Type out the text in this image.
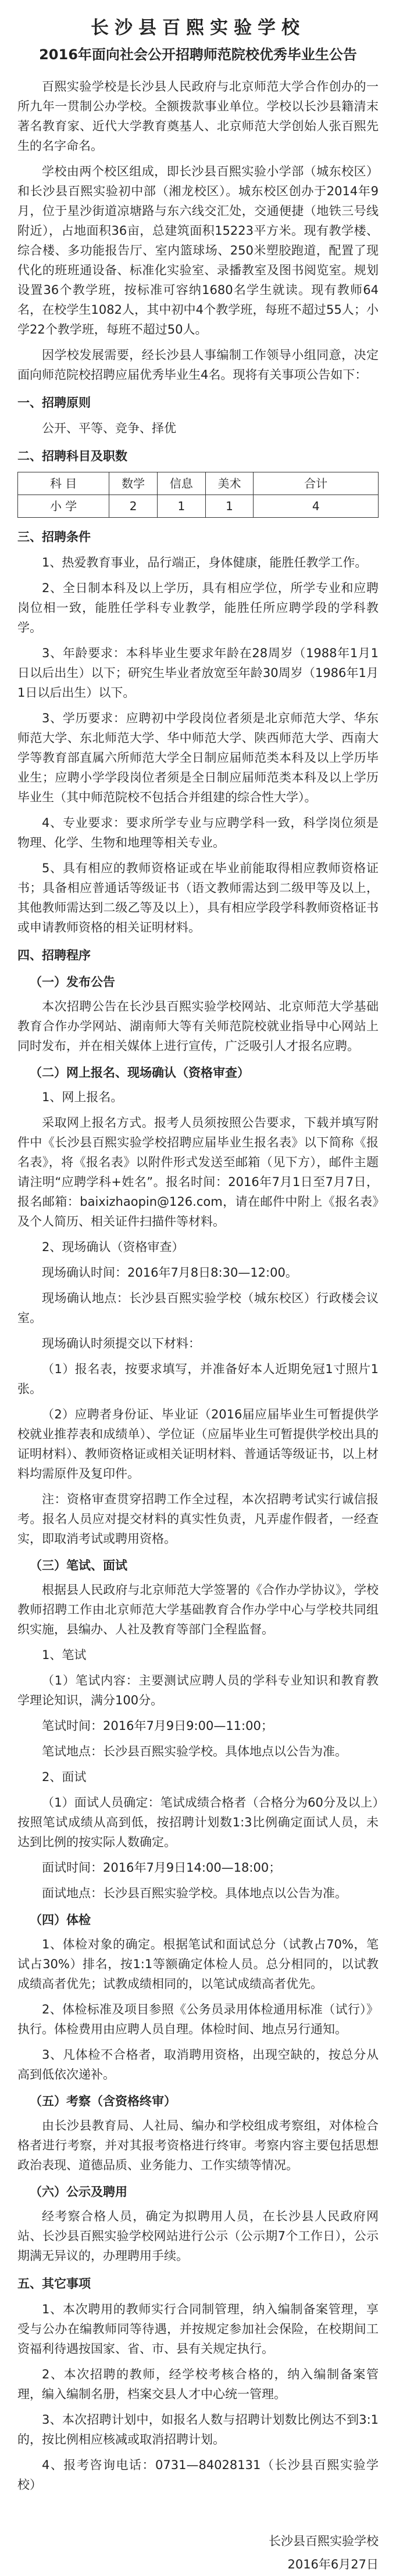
长沙县百熙实验学校
2016年面向社会公开招聘师范院校优秀毕业生公告

百熙实验学校是长沙县人民政府与北京师范大学合作创办的一所九年一贯制公办学校。全额拨款事业单位。学校以长沙县籍清末著名教育家、近代大学教育奠基人、北京师范大学创始人张百熙先生的名字命名。

学校由两个校区组成，即长沙县百熙实验小学部（城东校区）和长沙县百熙实验初中部（湘龙校区）。城东校区创办于2014年9月，位于星沙街道凉塘路与东六线交汇处，交通便捷（地铁三号线附近），占地面积36亩，总建筑面积15223平方米。现有教学楼、综合楼、多功能报告厅、室内篮球场、250米塑胶跑道，配置了现代化的班班通设备、标准化实验室、录播教室及图书阅览室。规划设置36个教学班，按标准可容纳1680名学生就读。现有教师64名，在校学生1082人，其中初中4个教学班，每班不超过55人；小学22个教学班，每班不超过50人。

因学校发展需要，经长沙县人事编制工作领导小组同意，决定面向师范院校招聘应届优秀毕业生4名。现将有关事项公告如下：

一、招聘原则

公开、平等、竞争、择优

二、招聘科目及职数
科 目	数学	信息	美术	合计
小 学	2	1	1	4
三、招聘条件

1、热爱教育事业，品行端正，身体健康，能胜任教学工作。

2、全日制本科及以上学历，具有相应学位，所学专业和应聘岗位相一致，能胜任学科专业教学，能胜任所应聘学段的学科教学。

3、年龄要求：本科毕业生要求年龄在28周岁（1988年1月1日以后出生）以下；研究生毕业者放宽至年龄30周岁（1986年1月1日以后出生）以下。

3、学历要求：应聘初中学段岗位者须是北京师范大学、华东师范大学、东北师范大学、华中师范大学、陕西师范大学、西南大学等教育部直属六所师范大学全日制应届师范类本科及以上学历毕业生；应聘小学学段岗位者须是全日制应届师范类本科及以上学历毕业生（其中师范院校不包括合并组建的综合性大学）。

4、专业要求：要求所学专业与应聘学科一致，科学岗位须是物理、化学、生物和地理等相关专业。

5、具有相应的教师资格证或在毕业前能取得相应教师资格证书；具备相应普通话等级证书（语文教师需达到二级甲等及以上，其他教师需达到二级乙等及以上），具有相应学段学科教师资格证书或申请教师资格的相关证明材料。

四、招聘程序
（一）发布公告

本次招聘公告在长沙县百熙实验学校网站、北京师范大学基础教育合作办学网站、湖南师大等有关师范院校就业指导中心网站上同时发布，并在相关媒体上进行宣传，广泛吸引人才报名应聘。

（二）网上报名、现场确认（资格审查）

1、网上报名。

采取网上报名方式。报考人员须按照公告要求，下载并填写附件中《长沙县百熙实验学校招聘应届毕业生报名表》以下简称《报名表》，将《报名表》以附件形式发送至邮箱（见下方），邮件主题请注明“应聘学科+姓名”。报名时间：2016年7月1日至7月7日，报名邮箱：baixizhaopin@126.com，请在邮件中附上《报名表》及个人简历、相关证件扫描件等材料。

2、现场确认（资格审查）

现场确认时间：2016年7月8日8:30—12:00。

现场确认地点：长沙县百熙实验学校（城东校区）行政楼会议室。

现场确认时须提交以下材料：

（1）报名表，按要求填写，并准备好本人近期免冠1寸照片1张。

（2）应聘者身份证、毕业证（2016届应届毕业生可暂提供学校就业推荐表和成绩单）、学位证（应届毕业生可暂提供学校出具的证明材料）、教师资格证或相关证明材料、普通话等级证书，以上材料均需原件及复印件。

注：资格审查贯穿招聘工作全过程，本次招聘考试实行诚信报考。报名人员应对提交材料的真实性负责，凡弄虚作假者，一经查实，即取消考试或聘用资格。

（三）笔试、面试

根据县人民政府与北京师范大学签署的《合作办学协议》，学校教师招聘工作由北京师范大学基础教育合作办学中心与学校共同组织实施，县编办、人社及教育等部门全程监督。

1、笔试

（1）笔试内容：主要测试应聘人员的学科专业知识和教育教学理论知识，满分100分。

笔试时间：2016年7月9日9:00—11:00；

笔试地点：长沙县百熙实验学校。具体地点以公告为准。

2、面试

（1）面试人员确定：笔试成绩合格者（合格分为60分及以上）按照笔试成绩从高到低，按招聘计划数1:3比例确定面试人员，未达到比例的按实际人数确定。

面试时间：2016年7月9日14:00—18:00；

面试地点：长沙县百熙实验学校。具体地点以公告为准。

（四）体检

1、体检对象的确定。根据笔试和面试总分（试教占70%，笔试占30%）排名，按1:1等额确定体检人员。总分相同的，以试教成绩高者优先；试教成绩相同的，以笔试成绩高者优先。

2、体检标准及项目参照《公务员录用体检通用标准（试行）》执行。体检费用由应聘人员自理。体检时间、地点另行通知。

3、凡体检不合格者，取消聘用资格，出现空缺的，按总分从高到低依次递补。

（五）考察（含资格终审）

由长沙县教育局、人社局、编办和学校组成考察组，对体检合格者进行考察，并对其报考资格进行终审。考察内容主要包括思想政治表现、道德品质、业务能力、工作实绩等情况。

（六）公示及聘用

经考察合格人员，确定为拟聘用人员，在长沙县人民政府网站、长沙县百熙实验学校网站进行公示（公示期7个工作日），公示期满无异议的，办理聘用手续。

五、其它事项

1、本次聘用的教师实行合同制管理，纳入编制备案管理，享受与公办在编教师同等待遇，并按规定参加社会保险，在校期间工资福利待遇按国家、省、市、县有关规定执行。

2、本次招聘的教师，经学校考核合格的，纳入编制备案管理，编入编制名册，档案交县人才中心统一管理。

3、本次招聘计划中，如报名人数与招聘计划数比例达不到3:1的，按比例相应核减或取消招聘计划。

4、报考咨询电话：0731—84028131（长沙县百熙实验学校）

长沙县百熙实验学校
2016年6月27日
